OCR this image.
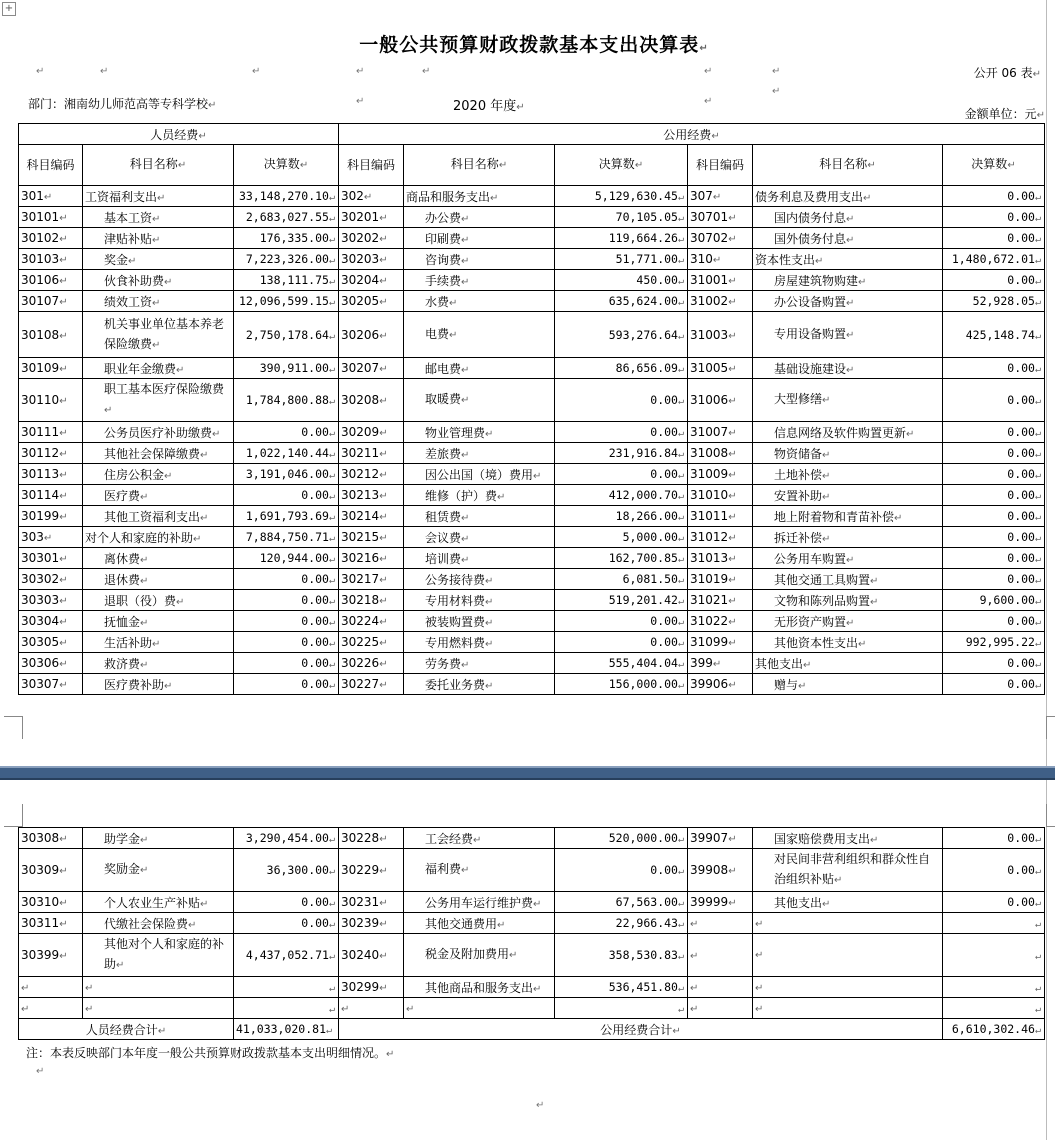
+
一般公共预算财政拨款基本支出决算表↵
↵	↵	↵	↵	↵	↵	↵
↵
↵	↵
公开 06 表↵
部门：湘南幼儿师范高等专科学校↵	2020 年度↵	金额单位：元↵
人员经费↵			公用经费↵					
科目编码	科目名称↵	决算数↵	科目编码	科目名称↵	决算数↵	科目编码	科目名称↵	决算数↵
301↵	工资福利支出↵	33,148,270.10↵	302↵	商品和服务支出↵	5,129,630.45↵	307↵	债务利息及费用支出↵	0.00↵
30101↵	基本工资↵	2,683,027.55↵	30201↵	办公费↵	70,105.05↵	30701↵	国内债务付息↵	0.00↵
30102↵	津贴补贴↵	176,335.00↵	30202↵	印刷费↵	119,664.26↵	30702↵	国外债务付息↵	0.00↵
30103↵	奖金↵	7,223,326.00↵	30203↵	咨询费↵	51,771.00↵	310↵	资本性支出↵	1,480,672.01↵
30106↵	伙食补助费↵	138,111.75↵	30204↵	手续费↵	450.00↵	31001↵	房屋建筑物购建↵	0.00↵
30107↵	绩效工资↵	12,096,599.15↵	30205↵	水费↵	635,624.00↵	31002↵	办公设备购置↵	52,928.05↵
30108↵	机关事业单位基本养老保险缴费↵	2,750,178.64↵	30206↵	电费↵	593,276.64↵	31003↵	专用设备购置↵	425,148.74↵
30109↵	职业年金缴费↵	390,911.00↵	30207↵	邮电费↵	86,656.09↵	31005↵	基础设施建设↵	0.00↵
30110↵	职工基本医疗保险缴费↵	1,784,800.88↵	30208↵	取暖费↵	0.00↵	31006↵	大型修缮↵	0.00↵
30111↵	公务员医疗补助缴费↵	0.00↵	30209↵	物业管理费↵	0.00↵	31007↵	信息网络及软件购置更新↵	0.00↵
30112↵	其他社会保障缴费↵	1,022,140.44↵	30211↵	差旅费↵	231,916.84↵	31008↵	物资储备↵	0.00↵
30113↵	住房公积金↵	3,191,046.00↵	30212↵	因公出国（境）费用↵	0.00↵	31009↵	土地补偿↵	0.00↵
30114↵	医疗费↵	0.00↵	30213↵	维修（护）费↵	412,000.70↵	31010↵	安置补助↵	0.00↵
30199↵	其他工资福利支出↵	1,691,793.69↵	30214↵	租赁费↵	18,266.00↵	31011↵	地上附着物和青苗补偿↵	0.00↵
303↵	对个人和家庭的补助↵	7,884,750.71↵	30215↵	会议费↵	5,000.00↵	31012↵	拆迁补偿↵	0.00↵
30301↵	离休费↵	120,944.00↵	30216↵	培训费↵	162,700.85↵	31013↵	公务用车购置↵	0.00↵
30302↵	退休费↵	0.00↵	30217↵	公务接待费↵	6,081.50↵	31019↵	其他交通工具购置↵	0.00↵
30303↵	退职（役）费↵	0.00↵	30218↵	专用材料费↵	519,201.42↵	31021↵	文物和陈列品购置↵	9,600.00↵
30304↵	抚恤金↵	0.00↵	30224↵	被装购置费↵	0.00↵	31022↵	无形资产购置↵	0.00↵
30305↵	生活补助↵	0.00↵	30225↵	专用燃料费↵	0.00↵	31099↵	其他资本性支出↵	992,995.22↵
30306↵	救济费↵	0.00↵	30226↵	劳务费↵	555,404.04↵	399↵	其他支出↵	0.00↵
30307↵	医疗费补助↵	0.00↵	30227↵	委托业务费↵	156,000.00↵	39906↵	赠与↵	0.00↵
30308↵	助学金↵	3,290,454.00↵	30228↵	工会经费↵	520,000.00↵	39907↵	国家赔偿费用支出↵	0.00↵
30309↵	奖励金↵	36,300.00↵	30229↵	福利费↵	0.00↵	39908↵	对民间非营利组织和群众性自治组织补贴↵	0.00↵
30310↵	个人农业生产补贴↵	0.00↵	30231↵	公务用车运行维护费↵	67,563.00↵	39999↵	其他支出↵	0.00↵
30311↵	代缴社会保险费↵	0.00↵	30239↵	其他交通费用↵	22,966.43↵	↵	↵	↵
30399↵	其他对个人和家庭的补助↵	4,437,052.71↵	30240↵	税金及附加费用↵	358,530.83↵	↵	↵	↵
↵	↵	↵	30299↵	其他商品和服务支出↵	536,451.80↵	↵	↵	↵
↵	↵	↵	↵	↵	↵	↵	↵	↵
人员经费合计↵		41,033,020.81↵	公用经费合计↵					6,610,302.46↵
注：本表反映部门本年度一般公共预算财政拨款基本支出明细情况。↵
↵
↵
